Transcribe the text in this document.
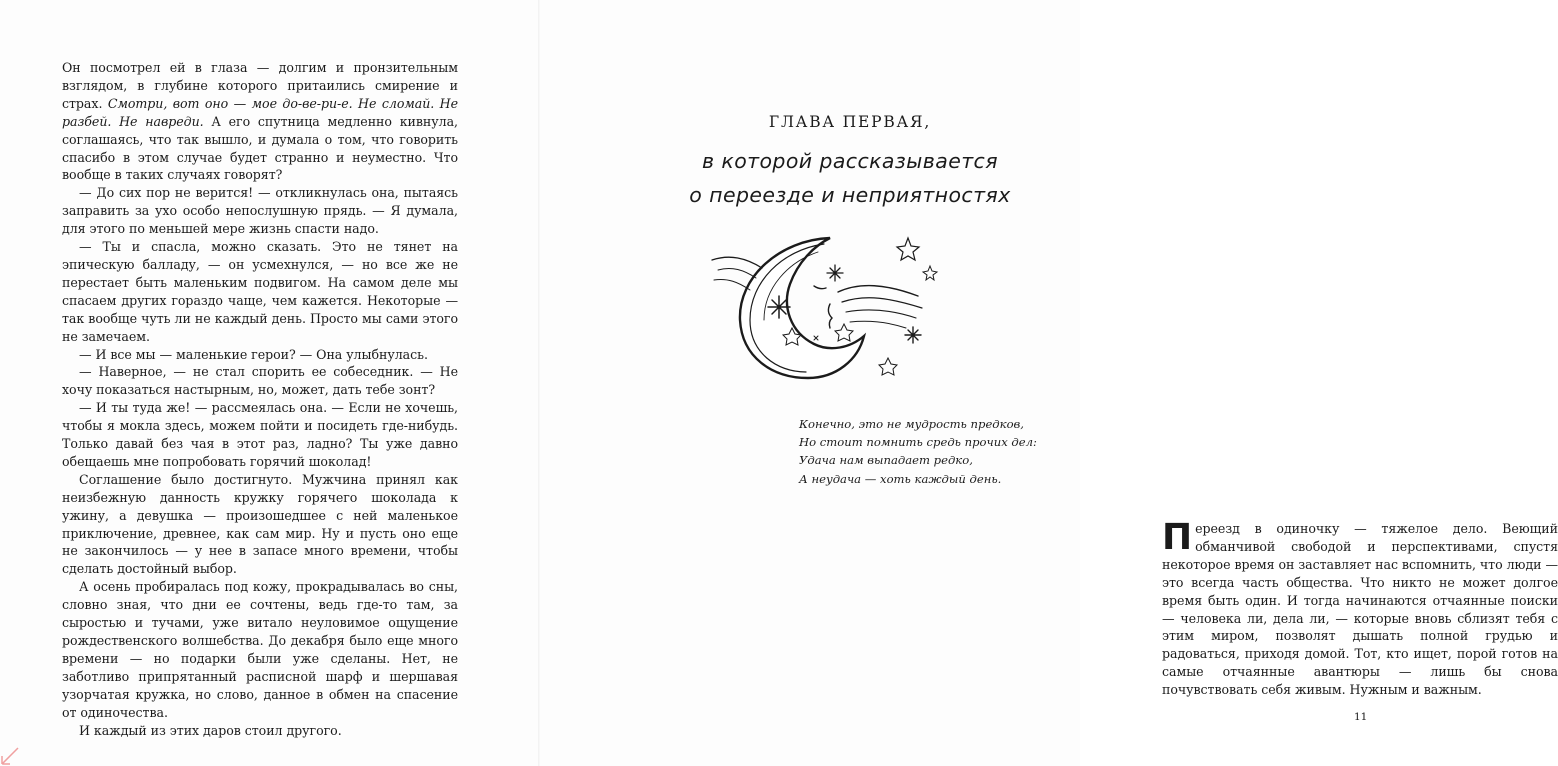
Он посмотрел ей в глаза — долгим и пронзительным взглядом, в глубине которого притаились смирение и страх. Смотри, вот оно — мое до-ве-ри-е. Не сломай. Не разбей. Не навреди. А его спутница медленно кивнула, соглашаясь, что так вышло, и думала о том, что говорить спасибо в этом случае будет странно и неуместно. Что вообще в таких случаях говорят?

— До сих пор не верится! — откликнулась она, пытаясь заправить за ухо особо непослушную прядь. — Я думала, для этого по меньшей мере жизнь спасти надо.

— Ты и спасла, можно сказать. Это не тянет на эпическую балладу, — он усмехнулся, — но все же не перестает быть маленьким подвигом. На самом деле мы спасаем других гораздо чаще, чем кажется. Некоторые — так вообще чуть ли не каждый день. Просто мы сами этого не замечаем.

— И все мы — маленькие герои? — Она улыбнулась.

— Наверное, — не стал спорить ее собеседник. — Не хочу показаться настырным, но, может, дать тебе зонт?

— И ты туда же! — рассмеялась она. — Если не хочешь, чтобы я мокла здесь, можем пойти и посидеть где-нибудь. Только давай без чая в этот раз, ладно? Ты уже давно обещаешь мне попробовать горячий шоколад!

Соглашение было достигнуто. Мужчина принял как неизбежную данность кружку горячего шоколада к ужину, а девушка — произошедшее с ней маленькое приключение, древнее, как сам мир. Ну и пусть оно еще не закончилось — у нее в запасе много времени, чтобы сделать достойный выбор.

А осень пробиралась под кожу, прокрадывалась во сны, словно зная, что дни ее сочтены, ведь где-то там, за сыростью и тучами, уже витало неуловимое ощущение рождественского волшебства. До декабря было еще много времени — но подарки были уже сделаны. Нет, не заботливо припрятанный расписной шарф и шершавая узорчатая кружка, но слово, данное в обмен на спасение от одиночества.

И каждый из этих даров стоил другого.

ГЛАВА ПЕРВАЯ,
в которой рассказывается
о переезде и неприятностях
Конечно, это не мудрость предков,
Но стоит помнить средь прочих дел:
Удача нам выпадает редко,
А неудача — хоть каждый день.

Переезд в одиночку — тяжелое дело. Веющий обманчивой свободой и перспективами, спустя некоторое время он заставляет нас вспомнить, что люди — это всегда часть общества. Что никто не может долгое время быть один. И тогда начинаются отчаянные поиски — человека ли, дела ли, — которые вновь сблизят тебя с этим миром, позволят дышать полной грудью и радоваться, приходя домой. Тот, кто ищет, порой готов на самые отчаянные авантюры — лишь бы снова почувствовать себя живым. Нужным и важным.

11
